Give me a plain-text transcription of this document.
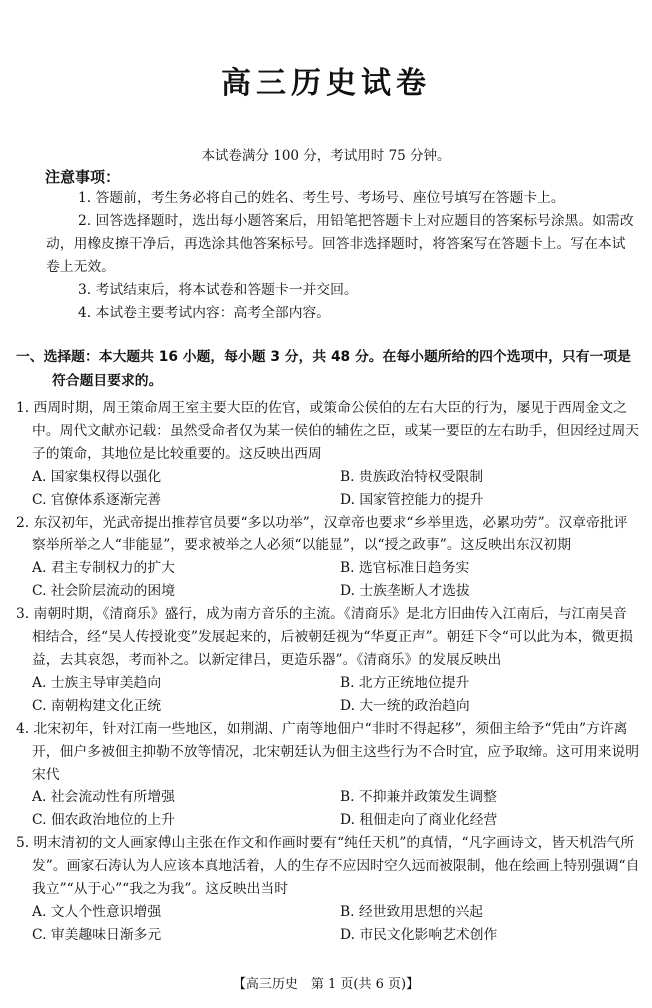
高三历史试卷
本试卷满分 100 分，考试用时 75 分钟。
注意事项：

1. 答题前，考生务必将自己的姓名、考生号、考场号、座位号填写在答题卡上。

2. 回答选择题时，选出每小题答案后，用铅笔把答题卡上对应题目的答案标号涂黑。如需改动，用橡皮擦干净后，再选涂其他答案标号。回答非选择题时，将答案写在答题卡上。写在本试卷上无效。

3. 考试结束后，将本试卷和答题卡一并交回。

4. 本试卷主要考试内容：高考全部内容。

一、选择题：本大题共 16 小题，每小题 3 分，共 48 分。在每小题所给的四个选项中，只有一项是
符合题目要求的。

1. 西周时期，周王策命周王室主要大臣的佐官，或策命公侯伯的左右大臣的行为，屡见于西周金文之中。周代文献亦记载：虽然受命者仅为某一侯伯的辅佐之臣，或某一要臣的左右助手，但因经过周天子的策命，其地位是比较重要的。这反映出西周

A. 国家集权得以强化	B. 贵族政治特权受限制
C. 官僚体系逐渐完善	D. 国家管控能力的提升

2. 东汉初年，光武帝提出推荐官员要“多以功举”，汉章帝也要求“乡举里选，必累功劳”。汉章帝批评察举所举之人“非能显”，要求被举之人必须“以能显”，以“授之政事”。这反映出东汉初期

A. 君主专制权力的扩大	B. 选官标准日趋务实
C. 社会阶层流动的困境	D. 士族垄断人才选拔

3. 南朝时期，《清商乐》盛行，成为南方音乐的主流。《清商乐》是北方旧曲传入江南后，与江南吴音相结合，经“吴人传授讹变”发展起来的，后被朝廷视为“华夏正声”。朝廷下令“可以此为本，微更损益，去其哀怨，考而补之。以新定律吕，更造乐器”。《清商乐》的发展反映出

A. 士族主导审美趋向	B. 北方正统地位提升
C. 南朝构建文化正统	D. 大一统的政治趋向

4. 北宋初年，针对江南一些地区，如荆湖、广南等地佃户“非时不得起移”，须佃主给予“凭由”方许离开，佃户多被佃主抑勒不放等情况，北宋朝廷认为佃主这些行为不合时宜，应予取缔。这可用来说明宋代

A. 社会流动性有所增强	B. 不抑兼并政策发生调整
C. 佃农政治地位的上升	D. 租佃走向了商业化经营

5. 明末清初的文人画家傅山主张在作文和作画时要有“纯任天机”的真情，“凡字画诗文，皆天机浩气所发”。画家石涛认为人应该本真地活着，人的生存不应因时空久远而被限制，他在绘画上特别强调“自我立”“从于心”“我之为我”。这反映出当时

A. 文人个性意识增强	B. 经世致用思想的兴起
C. 审美趣味日渐多元	D. 市民文化影响艺术创作
【高三历史　第 1 页(共 6 页)】
